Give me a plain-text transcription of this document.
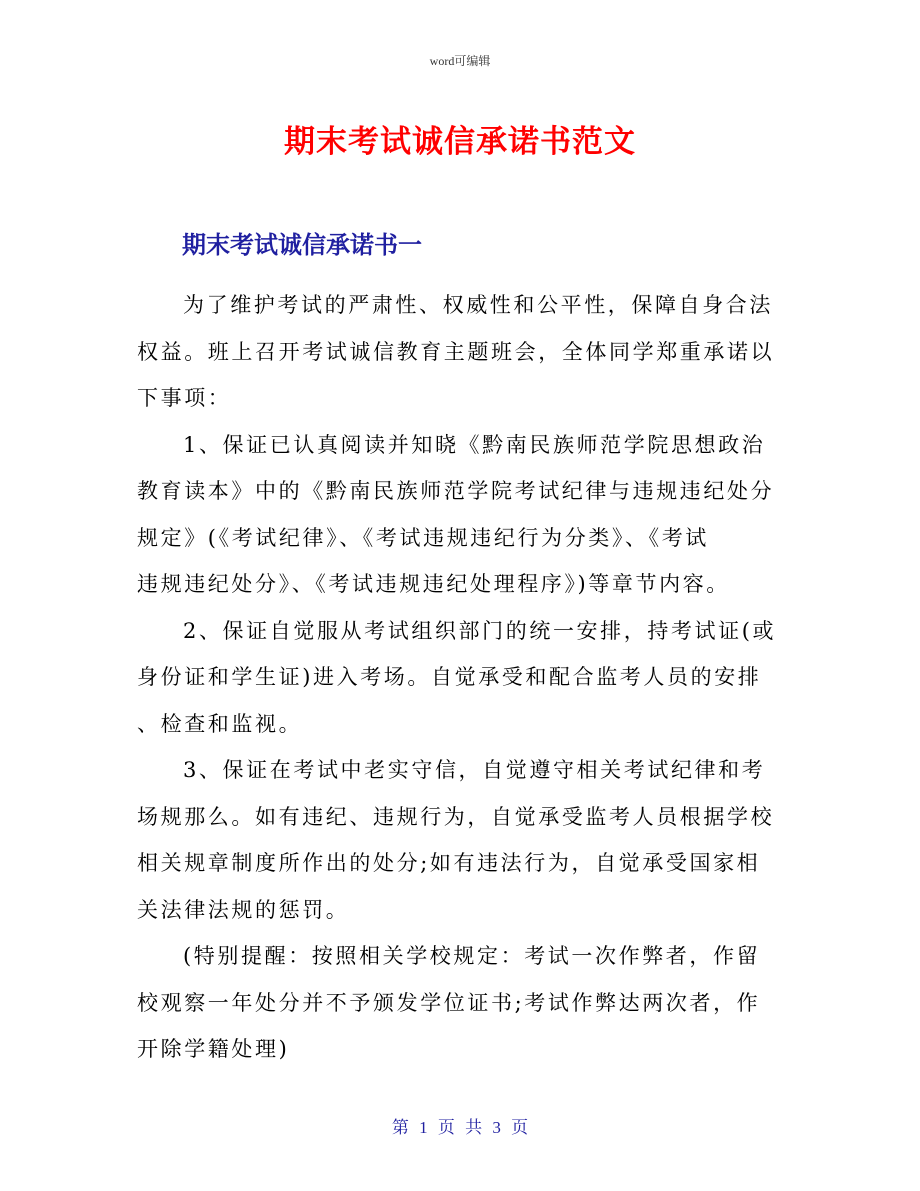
word可编辑
期末考试诚信承诺书范文
期末考试诚信承诺书一
为了维护考试的严肃性、权威性和公平性，保障自身合法
权益。班上召开考试诚信教育主题班会，全体同学郑重承诺以
下事项：
1、保证已认真阅读并知晓《黔南民族师范学院思想政治
教育读本》中的《黔南民族师范学院考试纪律与违规违纪处分
规定》(《考试纪律》、《考试违规违纪行为分类》、《考试
违规违纪处分》、《考试违规违纪处理程序》)等章节内容。
2、保证自觉服从考试组织部门的统一安排，持考试证(或
身份证和学生证)进入考场。自觉承受和配合监考人员的安排
、检查和监视。
3、保证在考试中老实守信，自觉遵守相关考试纪律和考
场规那么。如有违纪、违规行为，自觉承受监考人员根据学校
相关规章制度所作出的处分;如有违法行为，自觉承受国家相
关法律法规的惩罚。
(特别提醒：按照相关学校规定：考试一次作弊者，作留
校观察一年处分并不予颁发学位证书;考试作弊达两次者，作
开除学籍处理)
第 1 页 共 3 页
